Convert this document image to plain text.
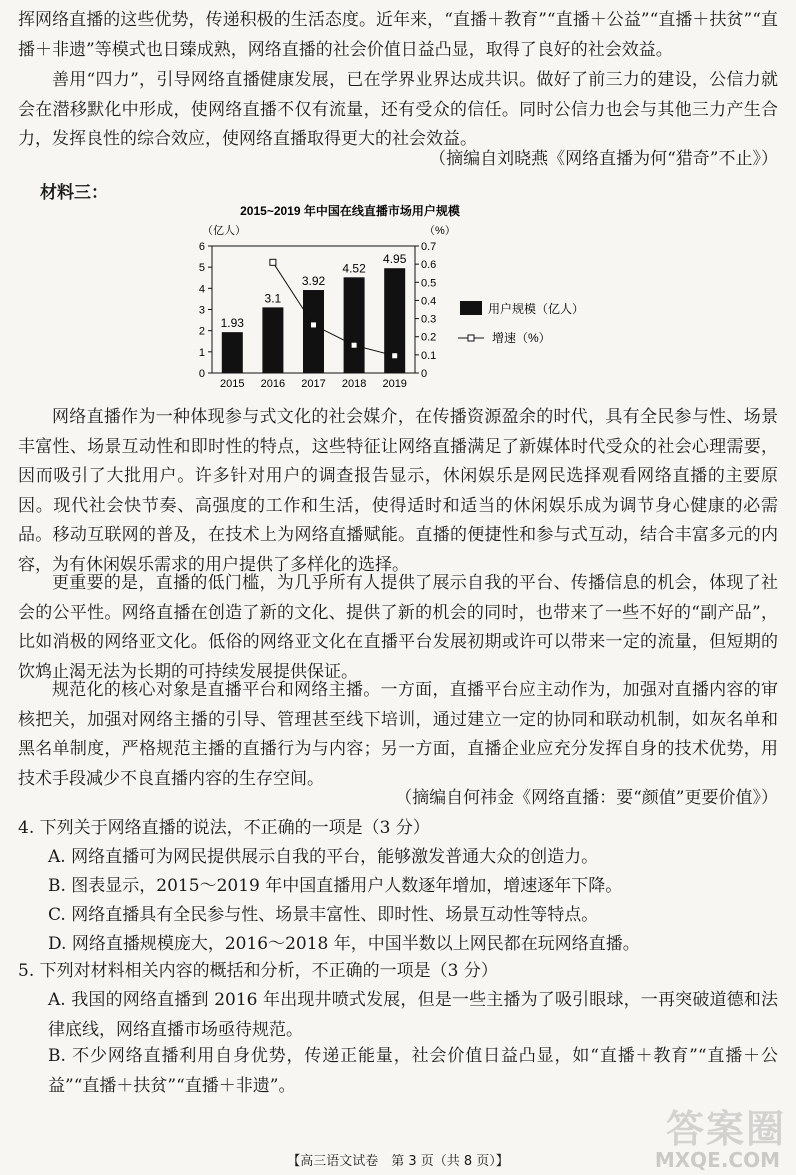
挥网络直播的这些优势，传递积极的生活态度。近年来，“直播＋教育”“直播＋公益”“直播＋扶贫”“直播＋非遗”等模式也日臻成熟，网络直播的社会价值日益凸显，取得了良好的社会效益。

善用“四力”，引导网络直播健康发展，已在学界业界达成共识。做好了前三力的建设，公信力就会在潜移默化中形成，使网络直播不仅有流量，还有受众的信任。同时公信力也会与其他三力产生合力，发挥良性的综合效应，使网络直播取得更大的社会效益。

（摘编自刘晓燕《网络直播为何“猎奇”不止》）

材料三：
2015~2019 年中国在线直播市场用户规模
（亿人）	（%）
0
1
2
3
4
5
6
0
0.1
0.2
0.3
0.4
0.5
0.6
0.7
1.93
2015
3.1
2016
3.92
2017
4.52
2018
4.95
2019
用户规模（亿人）
增速（%）

网络直播作为一种体现参与式文化的社会媒介，在传播资源盈余的时代，具有全民参与性、场景丰富性、场景互动性和即时性的特点，这些特征让网络直播满足了新媒体时代受众的社会心理需要，因而吸引了大批用户。许多针对用户的调查报告显示，休闲娱乐是网民选择观看网络直播的主要原因。现代社会快节奏、高强度的工作和生活，使得适时和适当的休闲娱乐成为调节身心健康的必需品。移动互联网的普及，在技术上为网络直播赋能。直播的便捷性和参与式互动，结合丰富多元的内容，为有休闲娱乐需求的用户提供了多样化的选择。

更重要的是，直播的低门槛，为几乎所有人提供了展示自我的平台、传播信息的机会，体现了社会的公平性。网络直播在创造了新的文化、提供了新的机会的同时，也带来了一些不好的“副产品”，比如消极的网络亚文化。低俗的网络亚文化在直播平台发展初期或许可以带来一定的流量，但短期的饮鸩止渴无法为长期的可持续发展提供保证。

规范化的核心对象是直播平台和网络主播。一方面，直播平台应主动作为，加强对直播内容的审核把关，加强对网络主播的引导、管理甚至线下培训，通过建立一定的协同和联动机制，如灰名单和黑名单制度，严格规范主播的直播行为与内容；另一方面，直播企业应充分发挥自身的技术优势，用技术手段减少不良直播内容的生存空间。

（摘编自何祎金《网络直播：要“颜值”更要价值》）

4. 下列关于网络直播的说法，不正确的一项是（3 分）
A. 网络直播可为网民提供展示自我的平台，能够激发普通大众的创造力。
B. 图表显示，2015～2019 年中国直播用户人数逐年增加，增速逐年下降。
C. 网络直播具有全民参与性、场景丰富性、即时性、场景互动性等特点。
D. 网络直播规模庞大，2016～2018 年，中国半数以上网民都在玩网络直播。
5. 下列对材料相关内容的概括和分析，不正确的一项是（3 分）
A. 我国的网络直播到 2016 年出现井喷式发展，但是一些主播为了吸引眼球，一再突破道德和法律底线，网络直播市场亟待规范。
B. 不少网络直播利用自身优势，传递正能量，社会价值日益凸显，如“直播＋教育”“直播＋公益”“直播＋扶贫”“直播＋非遗”。
答案圈
MXQE.COM
【高三语文试卷　第 3 页（共 8 页）】
